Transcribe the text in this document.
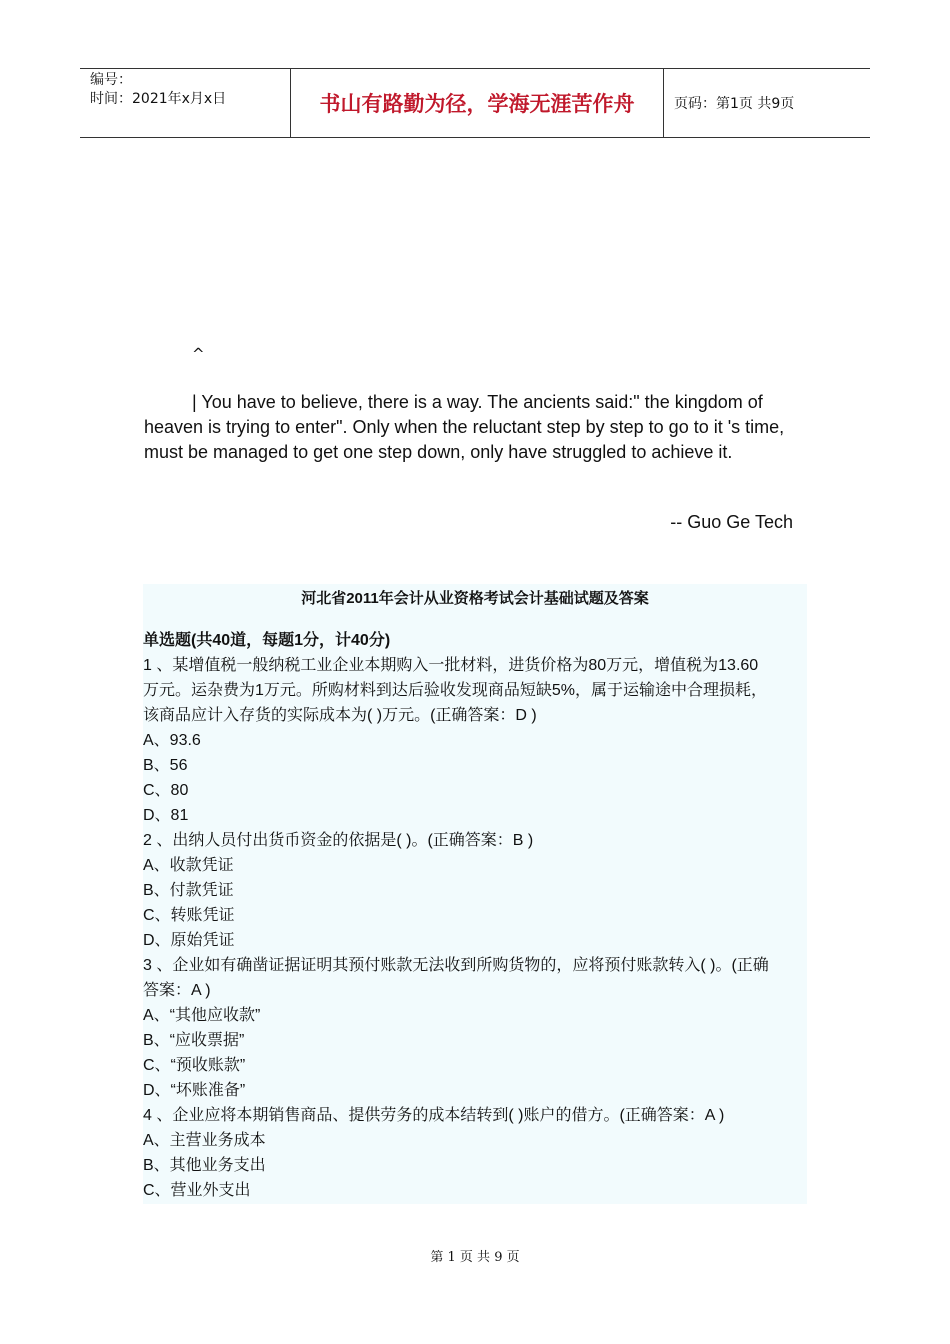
编号：
时间：2021年x月x日	书山有路勤为径，学海无涯苦作舟	页码：第1页 共9页
^

| You have to believe, there is a way. The ancients said:" the kingdom of heaven is trying to enter". Only when the reluctant step by step to go to it 's time, must be managed to get one step down, only have struggled to achieve it.

-- Guo Ge Tech
河北省2011年会计从业资格考试会计基础试题及答案
单选题(共40道，每题1分，计40分)

1 、某增值税一般纳税工业企业本期购入一批材料，进货价格为80万元，增值税为13.60

万元。运杂费为1万元。所购材料到达后验收发现商品短缺5%，属于运输途中合理损耗，

该商品应计入存货的实际成本为( )万元。(正确答案：D )

A、93.6

B、56

C、80

D、81

2 、出纳人员付出货币资金的依据是( )。(正确答案：B )

A、收款凭证

B、付款凭证

C、转账凭证

D、原始凭证

3 、企业如有确凿证据证明其预付账款无法收到所购货物的，应将预付账款转入( )。(正确

答案：A )

A、“其他应收款”

B、“应收票据”

C、“预收账款”

D、“坏账准备”

4 、企业应将本期销售商品、提供劳务的成本结转到( )账户的借方。(正确答案：A )

A、主营业务成本

B、其他业务支出

C、营业外支出

第 1 页 共 9 页
